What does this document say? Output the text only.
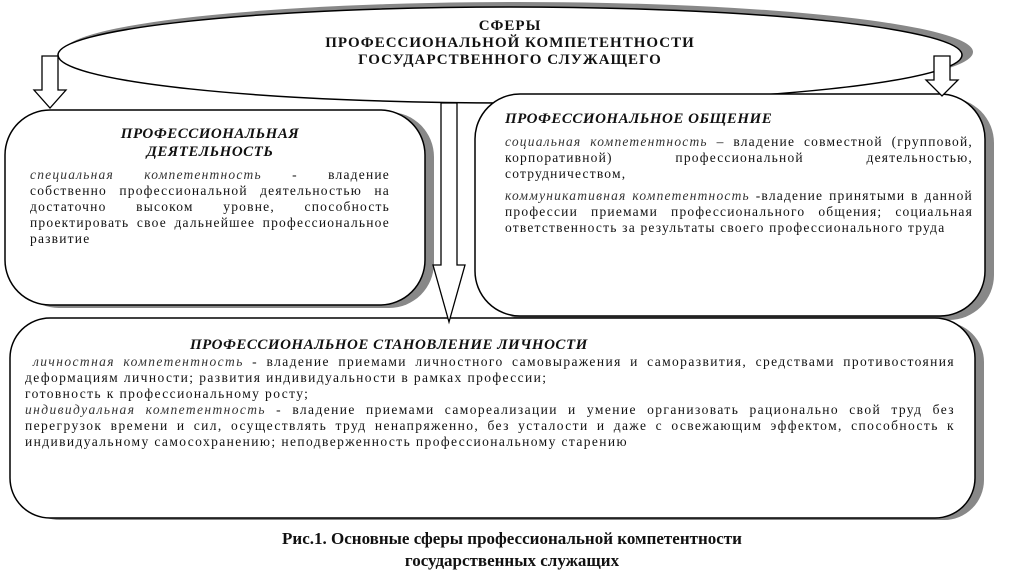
СФЕРЫ
ПРОФЕССИОНАЛЬНОЙ КОМПЕТЕНТНОСТИ
ГОСУДАРСТВЕННОГО СЛУЖАЩЕГО
ПРОФЕССИОНАЛЬНАЯ
ДЕЯТЕЛЬНОСТЬ
специальная компетентность - владение собственно профессиональной деятельностью на достаточно высоком уровне, способность проектировать свое дальнейшее профессиональное развитие
ПРОФЕССИОНАЛЬНОЕ ОБЩЕНИЕ
социальная компетентность – владение совместной (групповой, корпоративной) профессиональной деятельностью, сотрудничеством,
коммуникативная компетентность -владение принятыми в данной профессии приемами профессионального общения; социальная ответственность за результаты своего профессионального труда
ПРОФЕССИОНАЛЬНОЕ СТАНОВЛЕНИЕ ЛИЧНОСТИ
личностная компетентность - владение приемами личностного самовыражения и саморазвития, средствами противостояния деформациям личности; развития индивидуальности в рамках профессии;
готовность к профессиональному росту;
индивидуальная компетентность - владение приемами самореализации и умение организовать рационально свой труд без перегрузок времени и сил, осуществлять труд ненапряженно, без усталости и даже с освежающим эффектом, способность к индивидуальному самосохранению; неподверженность профессиональному старению
Рис.1. Основные сферы профессиональной компетентности
государственных служащих
